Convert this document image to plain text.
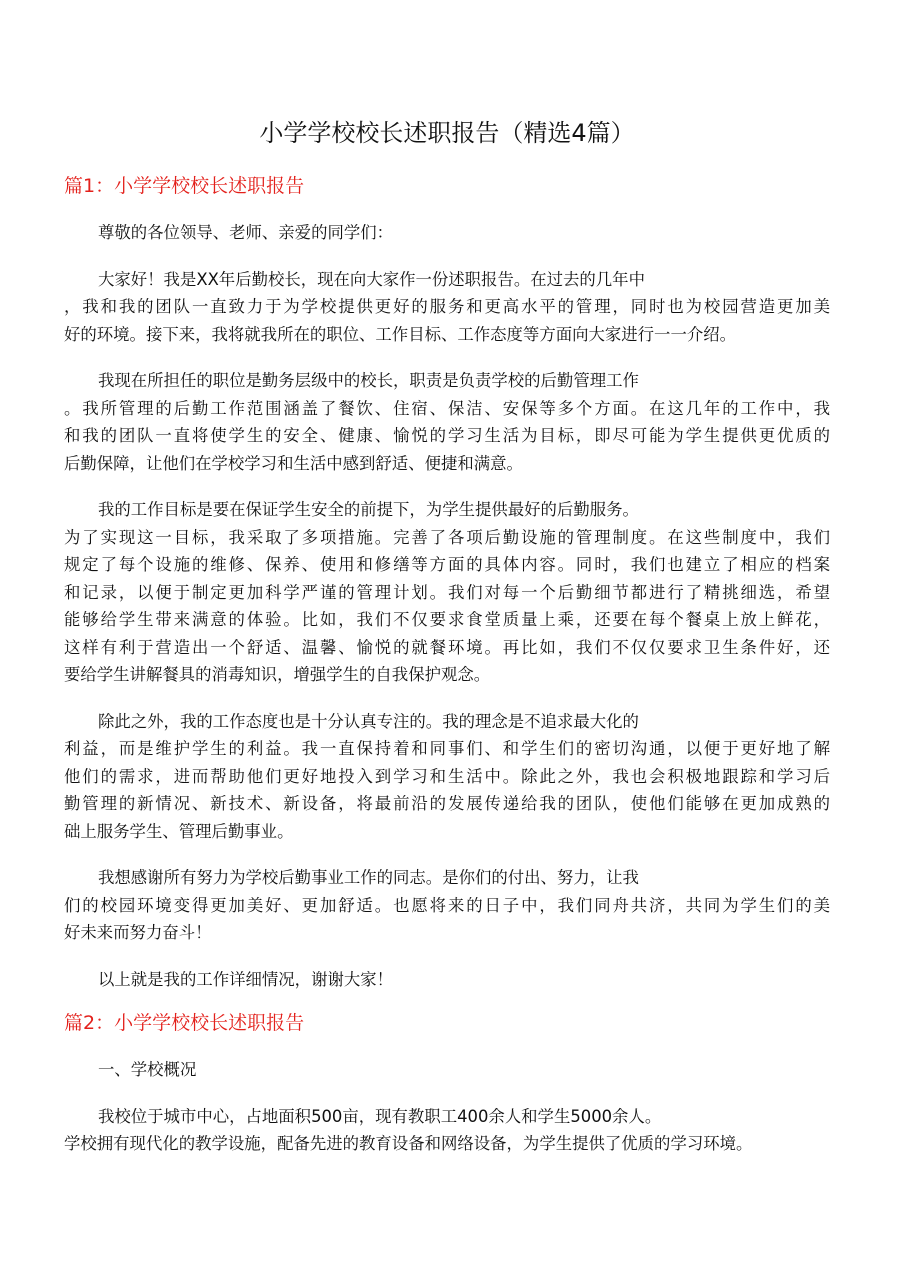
小学学校校长述职报告（精选4篇）
篇1：小学学校校长述职报告
尊敬的各位领导、老师、亲爱的同学们：
大家好！我是XX年后勤校长，现在向大家作一份述职报告。在过去的几年中
，我和我的团队一直致力于为学校提供更好的服务和更高水平的管理，同时也为校园营造更加美
好的环境。接下来，我将就我所在的职位、工作目标、工作态度等方面向大家进行一一介绍。
我现在所担任的职位是勤务层级中的校长，职责是负责学校的后勤管理工作
。我所管理的后勤工作范围涵盖了餐饮、住宿、保洁、安保等多个方面。在这几年的工作中，我
和我的团队一直将使学生的安全、健康、愉悦的学习生活为目标，即尽可能为学生提供更优质的
后勤保障，让他们在学校学习和生活中感到舒适、便捷和满意。
我的工作目标是要在保证学生安全的前提下，为学生提供最好的后勤服务。
为了实现这一目标，我采取了多项措施。完善了各项后勤设施的管理制度。在这些制度中，我们
规定了每个设施的维修、保养、使用和修缮等方面的具体内容。同时，我们也建立了相应的档案
和记录，以便于制定更加科学严谨的管理计划。我们对每一个后勤细节都进行了精挑细选，希望
能够给学生带来满意的体验。比如，我们不仅要求食堂质量上乘，还要在每个餐桌上放上鲜花，
这样有利于营造出一个舒适、温馨、愉悦的就餐环境。再比如，我们不仅仅要求卫生条件好，还
要给学生讲解餐具的消毒知识，增强学生的自我保护观念。
除此之外，我的工作态度也是十分认真专注的。我的理念是不追求最大化的
利益，而是维护学生的利益。我一直保持着和同事们、和学生们的密切沟通，以便于更好地了解
他们的需求，进而帮助他们更好地投入到学习和生活中。除此之外，我也会积极地跟踪和学习后
勤管理的新情况、新技术、新设备，将最前沿的发展传递给我的团队，使他们能够在更加成熟的
础上服务学生、管理后勤事业。
我想感谢所有努力为学校后勤事业工作的同志。是你们的付出、努力，让我
们的校园环境变得更加美好、更加舒适。也愿将来的日子中，我们同舟共济，共同为学生们的美
好未来而努力奋斗！
以上就是我的工作详细情况，谢谢大家！
篇2：小学学校校长述职报告
一、学校概况
我校位于城市中心，占地面积500亩，现有教职工400余人和学生5000余人。
学校拥有现代化的教学设施，配备先进的教育设备和网络设备，为学生提供了优质的学习环境。
